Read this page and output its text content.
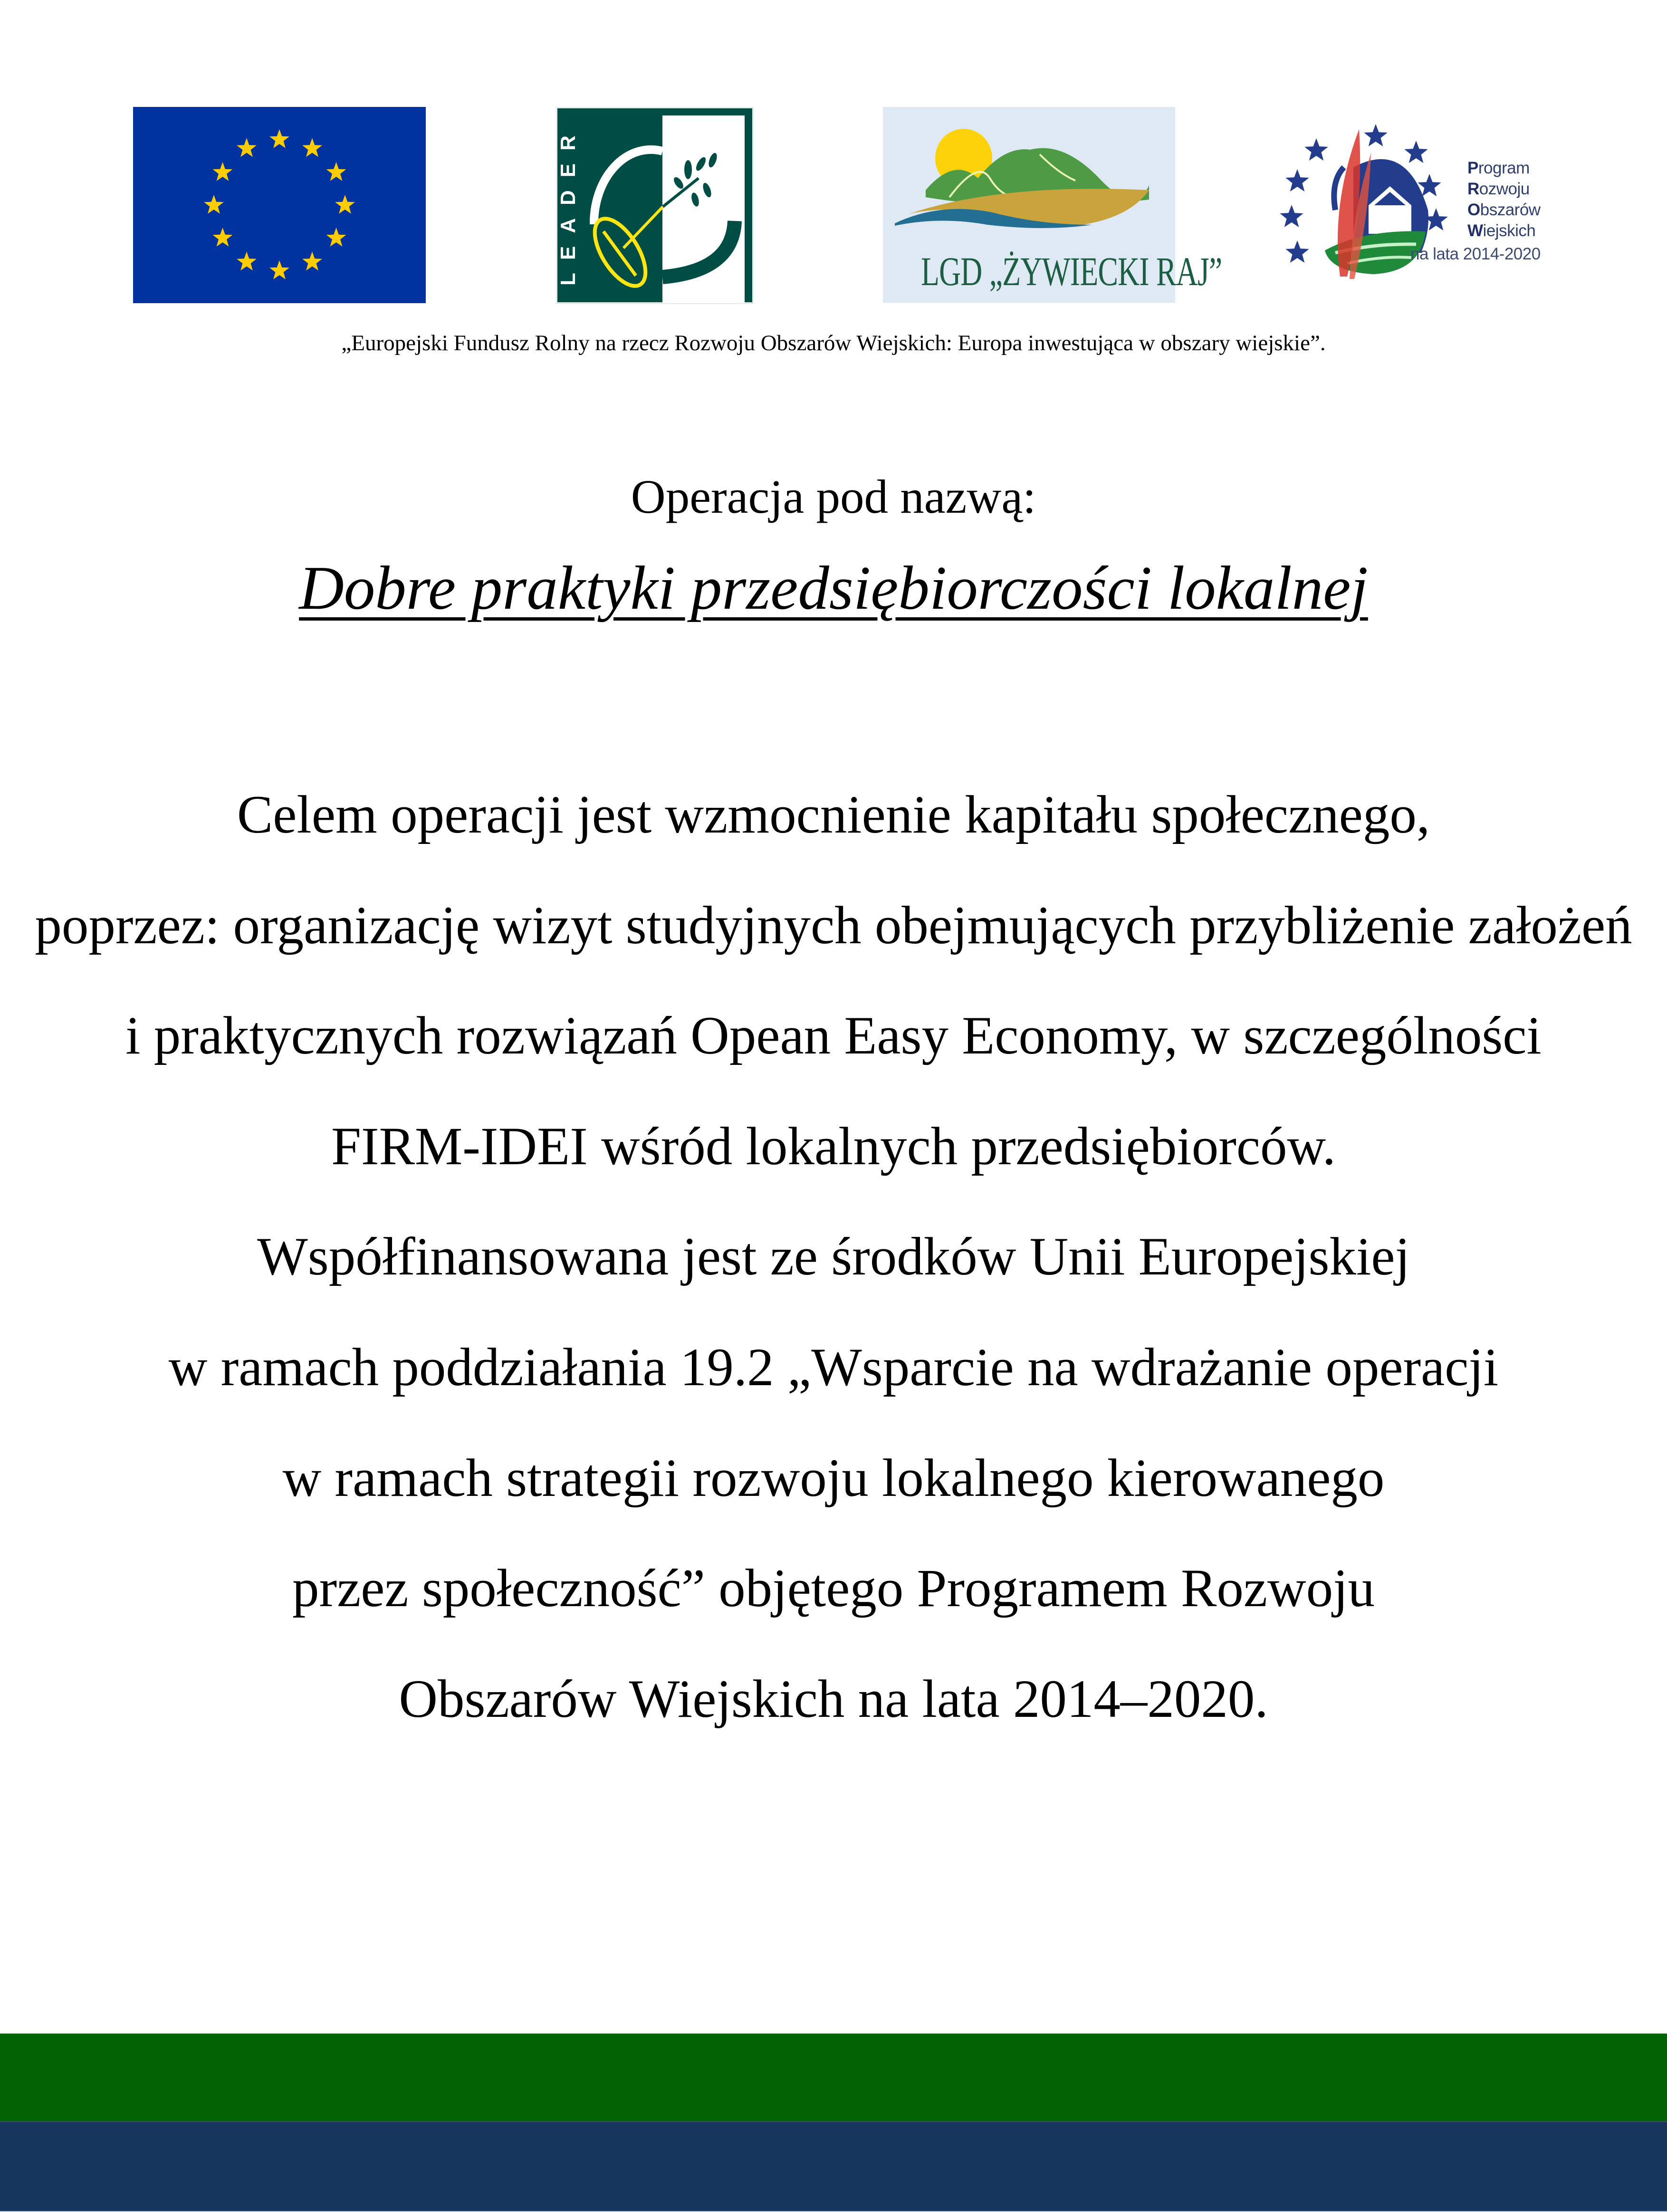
LEADER	LGD „ŻYWIECKI RAJ”
Program
Rozwoju
Obszarów
Wiejskich
na lata 2014-2020
„Europejski Fundusz Rolny na rzecz Rozwoju Obszarów Wiejskich: Europa inwestująca w obszary wiejskie”.
Operacja pod nazwą:
Dobre praktyki przedsiębiorczości lokalnej
Celem operacji jest wzmocnienie kapitału społecznego,
poprzez: organizację wizyt studyjnych obejmujących przybliżenie założeń
i praktycznych rozwiązań Opean Easy Economy, w szczególności
FIRM-IDEI wśród lokalnych przedsiębiorców.
Współfinansowana jest ze środków Unii Europejskiej
w ramach poddziałania 19.2 „Wsparcie na wdrażanie operacji
w ramach strategii rozwoju lokalnego kierowanego
przez społeczność” objętego Programem Rozwoju
Obszarów Wiejskich na lata 2014–2020.
